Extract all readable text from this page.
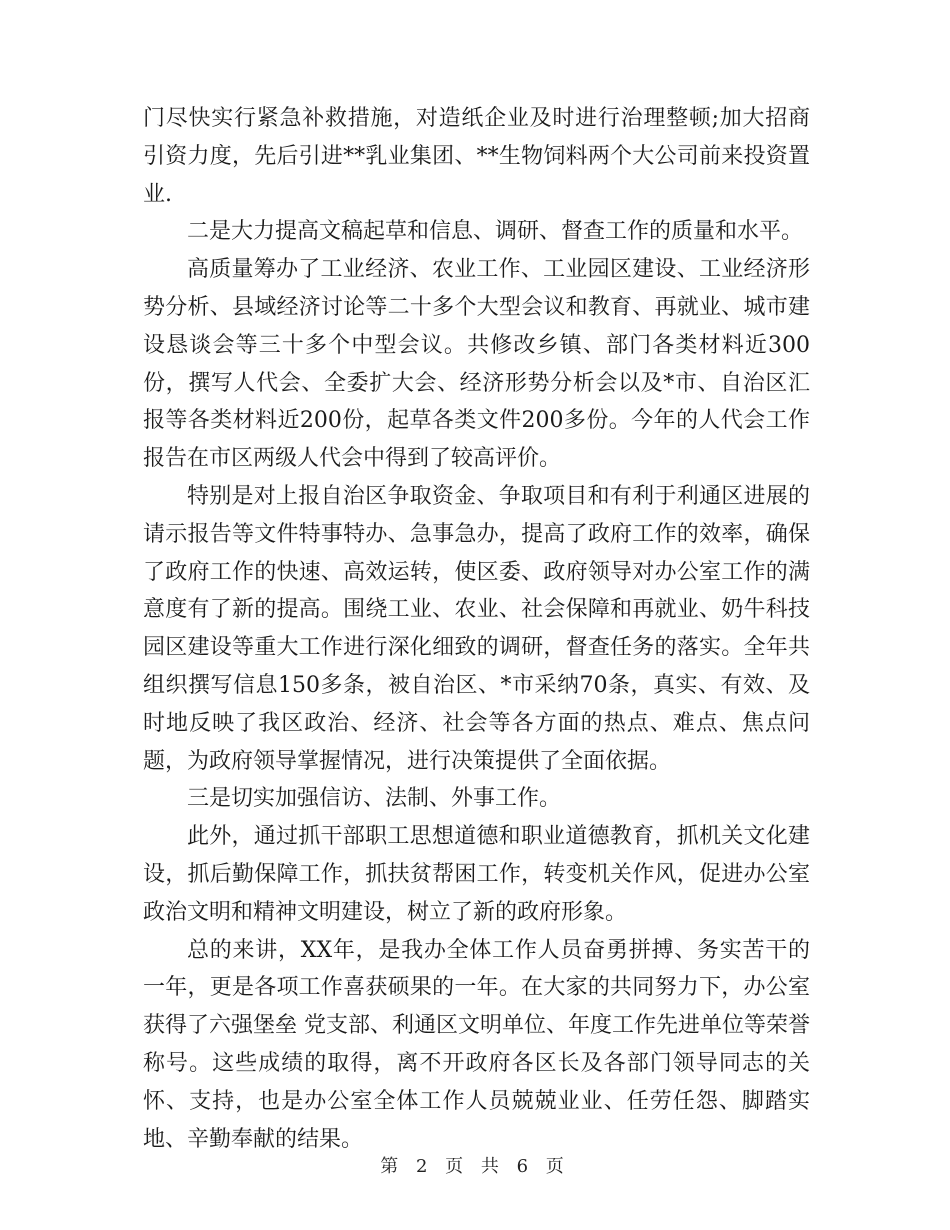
门尽快实行紧急补救措施，对造纸企业及时进行治理整顿;加大招商引资力度，先后引进**乳业集团、**生物饲料两个大公司前来投资置业.

二是大力提高文稿起草和信息、调研、督查工作的质量和水平。

高质量筹办了工业经济、农业工作、工业园区建设、工业经济形势分析、县域经济讨论等二十多个大型会议和教育、再就业、城市建设恳谈会等三十多个中型会议。共修改乡镇、部门各类材料近300份，撰写人代会、全委扩大会、经济形势分析会以及*市、自治区汇报等各类材料近200份，起草各类文件200多份。今年的人代会工作报告在市区两级人代会中得到了较高评价。

特别是对上报自治区争取资金、争取项目和有利于利通区进展的请示报告等文件特事特办、急事急办，提高了政府工作的效率，确保了政府工作的快速、高效运转，使区委、政府领导对办公室工作的满意度有了新的提高。围绕工业、农业、社会保障和再就业、奶牛科技园区建设等重大工作进行深化细致的调研，督查任务的落实。全年共组织撰写信息150多条，被自治区、*市采纳70条，真实、有效、及时地反映了我区政治、经济、社会等各方面的热点、难点、焦点问题，为政府领导掌握情况，进行决策提供了全面依据。

三是切实加强信访、法制、外事工作。

此外，通过抓干部职工思想道德和职业道德教育，抓机关文化建设，抓后勤保障工作，抓扶贫帮困工作，转变机关作风，促进办公室政治文明和精神文明建设，树立了新的政府形象。

总的来讲，XX年，是我办全体工作人员奋勇拼搏、务实苦干的一年，更是各项工作喜获硕果的一年。在大家的共同努力下，办公室获得了六强堡垒 党支部、利通区文明单位、年度工作先进单位等荣誉称号。这些成绩的取得，离不开政府各区长及各部门领导同志的关怀、支持，也是办公室全体工作人员兢兢业业、任劳任怨、脚踏实地、辛勤奉献的结果。

第 2 页 共 6 页
